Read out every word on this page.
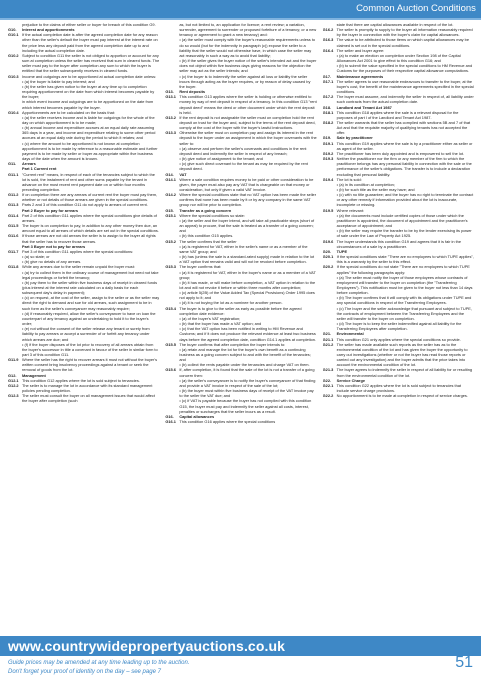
Common Auction Conditions
prejudice to the claims of either seller or buyer for breach of this condition G9.
G10.	Interest and apportionments
G10.1 If the actual completion date is after the agreed completion date for any reason other than the seller's default the buyer must pay interest at the interest rate on the price less any deposit paid from the agreed completion date up to and including the actual completion date.
G10.2 Subject to condition G11 the seller is not obliged to apportion or account for any sum at completion unless the seller has received that sum in cleared funds. The seller must pay to the buyer after completion any sum to which the buyer is entitled that the seller subsequently receives in cleared funds.
G10.3 Income and outgoings are to be apportioned at actual completion date unless:
• (a) the buyer is liable to pay interest; and
• (b) the seller has given notice to the buyer at any time up to completion requiring apportionment on the date from which interest becomes payable by the buyer;
in which event income and outgoings are to be apportioned on the date from which interest becomes payable by the buyer.
G10.4 Apportionments are to be calculated on the basis that:
• (a) the seller receives income and is liable for outgoings for the whole of the day on which apportionment is to be made;
• (b) annual income and expenditure accrues at an equal daily rate assuming 365 days in a year, and income and expenditure relating to some other period accrues at an equal daily rate during the period to which it relates; and
• (c) where the amount to be apportioned is not known at completion apportionment is to be made by reference to a reasonable estimate and further payment is to be made by seller or buyer as appropriate within five business days of the date when the amount is known.
G11.	Arrears
Part 1 Current rent
G11.1 "Current rent" means, in respect of each of the tenancies subject to which the lot is sold, the instalment of rent and other sums payable by the tenant in advance on the most recent rent payment date on or within four months preceding completion.
G11.2 If on completion there are any arrears of current rent the buyer must pay them, whether or not details of those arrears are given in the special conditions.
G11.3 Parts 2 and 3 of this condition G11 do not apply to arrears of current rent.
Part 2 Buyer to pay for arrears
G11.4 Part 2 of this condition G11 applies where the special conditions give details of arrears.
G11.5 The buyer is on completion to pay, in addition to any other money then due, an amount equal to all arrears of which details are set out in the special conditions.
G11.6 If those arrears are not old arrears the seller is to assign to the buyer all rights that the seller has to recover those arrears.
Part 3 Buyer not to pay for arrears
G11.7 Part 3 of this condition G11 applies where the special conditions:
• (a) so state; or
• (b) give no details of any arrears.
G11.8 While any arrears due to the seller remain unpaid the buyer must:
• (a) try to collect them in the ordinary course of management but need not take legal proceedings or forfeit the tenancy;
• (b) pay them to the seller within five business days of receipt in cleared funds (plus interest at the interest rate calculated on a daily basis for each subsequent day's delay in payment);
• (c) on request, at the cost of the seller, assign to the seller or as the seller may direct the right to demand and sue for old arrears, such assignment to be in such form as the seller's conveyancer may reasonably require;
• (d) if reasonably required, allow the seller's conveyancer to have on loan the counterpart of any tenancy against an undertaking to hold it to the buyer's order;
• (e) not without the consent of the seller release any tenant or surety from liability to pay arrears or accept a surrender of or forfeit any tenancy under which arrears are due; and
• (f) if the buyer disposes of the lot prior to recovery of all arrears obtain from the buyer's successor in title a covenant in favour of the seller in similar form to part 3 of this condition G11.
G11.9 Where the seller has the right to recover arrears it must not without the buyer's written consent bring insolvency proceedings against a tenant or seek the removal of goods from the lot.
G12.	Management
G12.1 This condition G12 applies where the lot is sold subject to tenancies.
G12.2 The seller is to manage the lot in accordance with its standard management policies pending completion.
G12.3 The seller must consult the buyer on all management issues that would affect the buyer after completion (such
as, but not limited to, an application for licence; a rent review; a variation, surrender, agreement to surrender or proposed forfeiture of a tenancy; or a new tenancy or agreement to grant a new tenancy) and:
• (a) the seller must comply with the buyer's reasonable requirements unless to do so would (but for the indemnity in paragraph (c)) expose the seller to a liability that the seller would not otherwise have, in which case the seller may act reasonably in such a way as to avoid that liability;
• (b) if the seller gives the buyer notice of the seller's intended act and the buyer does not object within five business days giving reasons for the objection the seller may act as the seller intends; and
• (c) the buyer is to indemnify the seller against all loss or liability the seller incurs through acting as the buyer requires, or by reason of delay caused by the buyer.
G13.	Rent deposits
G13.1 This condition G13 applies where the seller is holding or otherwise entitled to money by way of rent deposit in respect of a tenancy. In this condition G13 "rent deposit deed" means the deed or other document under which the rent deposit is held.
G13.2 If the rent deposit is not assignable the seller must on completion hold the rent deposit on trust for the buyer and, subject to the terms of the rent deposit deed, comply at the cost of the buyer with the buyer's lawful instructions.
G13.3 Otherwise the seller must on completion pay and assign its interest in the rent deposit to the buyer under an assignment in which the buyer covenants with the seller to:
• (a) observe and perform the seller's covenants and conditions in the rent deposit deed and indemnify the seller in respect of any breach;
• (b) give notice of assignment to the tenant; and
• (c) give such direct covenant to the tenant as may be required by the rent deposit deed.
G14.	VAT
G14.1 Where a sale condition requires money to be paid or other consideration to be given, the payer must also pay any VAT that is chargeable on that money or consideration, but only if given a valid VAT invoice.
G14.2 Where the special conditions state that no VAT option has been made the seller confirms that none has been made by it or by any company in the same VAT group nor will be prior to completion.
G15.	Transfer as a going concern
G15.1 Where the special conditions so state:
• (a) the seller and the buyer intend, and will take all practicable steps (short of an appeal) to procure, that the sale is treated as a transfer of a going concern; and
• (b) this condition G15 applies.
G15.2 The seller confirms that the seller
• (a) is registered for VAT, either in the seller's name or as a member of the same VAT group; and
• (b) has (unless the sale is a standard-rated supply) made in relation to the lot a VAT option that remains valid and will not be revoked before completion.
G15.3 The buyer confirms that:
• (a) it is registered for VAT, either in the buyer's name or as a member of a VAT group;
• (b) it has made, or will make before completion, a VAT option in relation to the lot and will not revoke it before or within three months after completion;
• (c) article 5(2B) of the Value Added Tax (Special Provisions) Order 1995 does not apply to it; and
• (d) it is not buying the lot as a nominee for another person.
G15.4 The buyer is to give to the seller as early as possible before the agreed completion date evidence:
• (a) of the buyer's VAT registration;
• (b) that the buyer has made a VAT option; and
• (c) that the VAT option has been notified in writing to HM Revenue and Customs; and if it does not produce the relevant evidence at least two business days before the agreed completion date, condition G14.1 applies at completion.
G15.5 The buyer confirms that after completion the buyer intends to:
• (a) retain and manage the lot for the buyer's own benefit as a continuing business as a going concern subject to and with the benefit of the tenancies; and
• (b) collect the rents payable under the tenancies and charge VAT on them.
G15.6 If, after completion, it is found that the sale of the lot is not a transfer of a going concern then:
• (a) the seller's conveyancer is to notify the buyer's conveyancer of that finding and provide a VAT invoice in respect of the sale of the lot;
• (b) the buyer must within five business days of receipt of the VAT invoice pay to the seller the VAT due; and
• (c) if VAT is payable because the buyer has not complied with this condition G15, the buyer must pay and indemnify the seller against all costs, interest, penalties or surcharges that the seller incurs as a result.
G16.	Capital allowances
G16.1 This condition G16 applies where the special conditions
state that there are capital allowances available in respect of the lot.
G16.2 The seller is promptly to supply to the buyer all information reasonably required by the buyer in connection with the buyer's claim for capital allowances.
G16.3 The value to be attributed to those items on which capital allowances may be claimed is set out in the special conditions.
G16.4 The seller and buyer agree:
• (a) to make an election on completion under Section 198 of the Capital Allowances Act 2001 to give effect to this condition G16; and
• (b) to submit the value specified in the special conditions to HM Revenue and Customs for the purposes of their respective capital allowance computations.
G17.	Maintenance agreements
G17.1 The seller agrees to use reasonable endeavours to transfer to the buyer, at the buyer's cost, the benefit of the maintenance agreements specified in the special conditions.
G17.2 The buyer must assume, and indemnify the seller in respect of, all liability under such contracts from the actual completion date.
G18.	Landlord and Tenant Act 1987
G18.1 This condition G18 applies where the sale is a relevant disposal for the purposes of part I of the Landlord and Tenant Act 1987.
G18.2 The seller warrants that the seller has complied with sections 5B and 7 of that Act and that the requisite majority of qualifying tenants has not accepted the offer.
G19.	Sale by practitioner
G19.1 This condition G19 applies where the sale is by a practitioner either as seller or as agent of the seller.
G19.2 The practitioner has been duly appointed and is empowered to sell the lot.
G19.3 Neither the practitioner nor the firm or any member of the firm to which the practitioner belongs has any personal liability in connection with the sale or the performance of the seller's obligations. The transfer is to include a declaration excluding that personal liability.
G19.4 The lot is sold:
• (a) in its condition at completion;
• (b) for such title as the seller may have; and
• (c) with no title guarantee; and the buyer has no right to terminate the contract or any other remedy if information provided about the lot is inaccurate, incomplete or missing.
G19.5 Where relevant:
• (a) the documents must include certified copies of those under which the practitioner is appointed, the document of appointment and the practitioner's acceptance of appointment; and
• (b) the seller may require the transfer to be by the lender exercising its power of sale under the Law of Property Act 1925.
G19.6 The buyer understands this condition G19 and agrees that it is fair in the circumstances of a sale by a practitioner.
G20.	TUPE
G20.1 If the special conditions state "There are no employees to which TUPE applies", this is a warranty by the seller to this effect.
G20.2 If the special conditions do not state "There are no employees to which TUPE applies" the following paragraphs apply:
• (a) The seller must notify the buyer of those employees whose contracts of employment will transfer to the buyer on completion (the "Transferring Employees"). This notification must be given to the buyer not less than 14 days before completion.
• (b) The buyer confirms that it will comply with its obligations under TUPE and any special conditions in respect of the Transferring Employees.
• (c) The buyer and the seller acknowledge that pursuant and subject to TUPE, the contracts of employment between the Transferring Employees and the seller will transfer to the buyer on completion.
• (d) The buyer is to keep the seller indemnified against all liability for the Transferring Employees after completion.
G21.	Environmental
G21.1 This condition G21 only applies where the special conditions so provide.
G21.2 The seller has made available such reports as the seller has as to the environmental condition of the lot and has given the buyer the opportunity to carry out investigations (whether or not the buyer has read those reports or carried out any investigation) and the buyer admits that the price takes into account the environmental condition of the lot.
G21.3 The buyer agrees to indemnify the seller in respect of all liability for or resulting from the environmental condition of the lot.
G22.	Service Charge
G22.1 This condition G22 applies where the lot is sold subject to tenancies that include service charge provisions.
G22.2 No apportionment is to be made at completion in respect of service charges.
www.countrywidepropertyauctions.co.uk
Guide prices may be amended at any time leading up to the auction.
Don't forget your proof of identity on the day – see page 7
51
